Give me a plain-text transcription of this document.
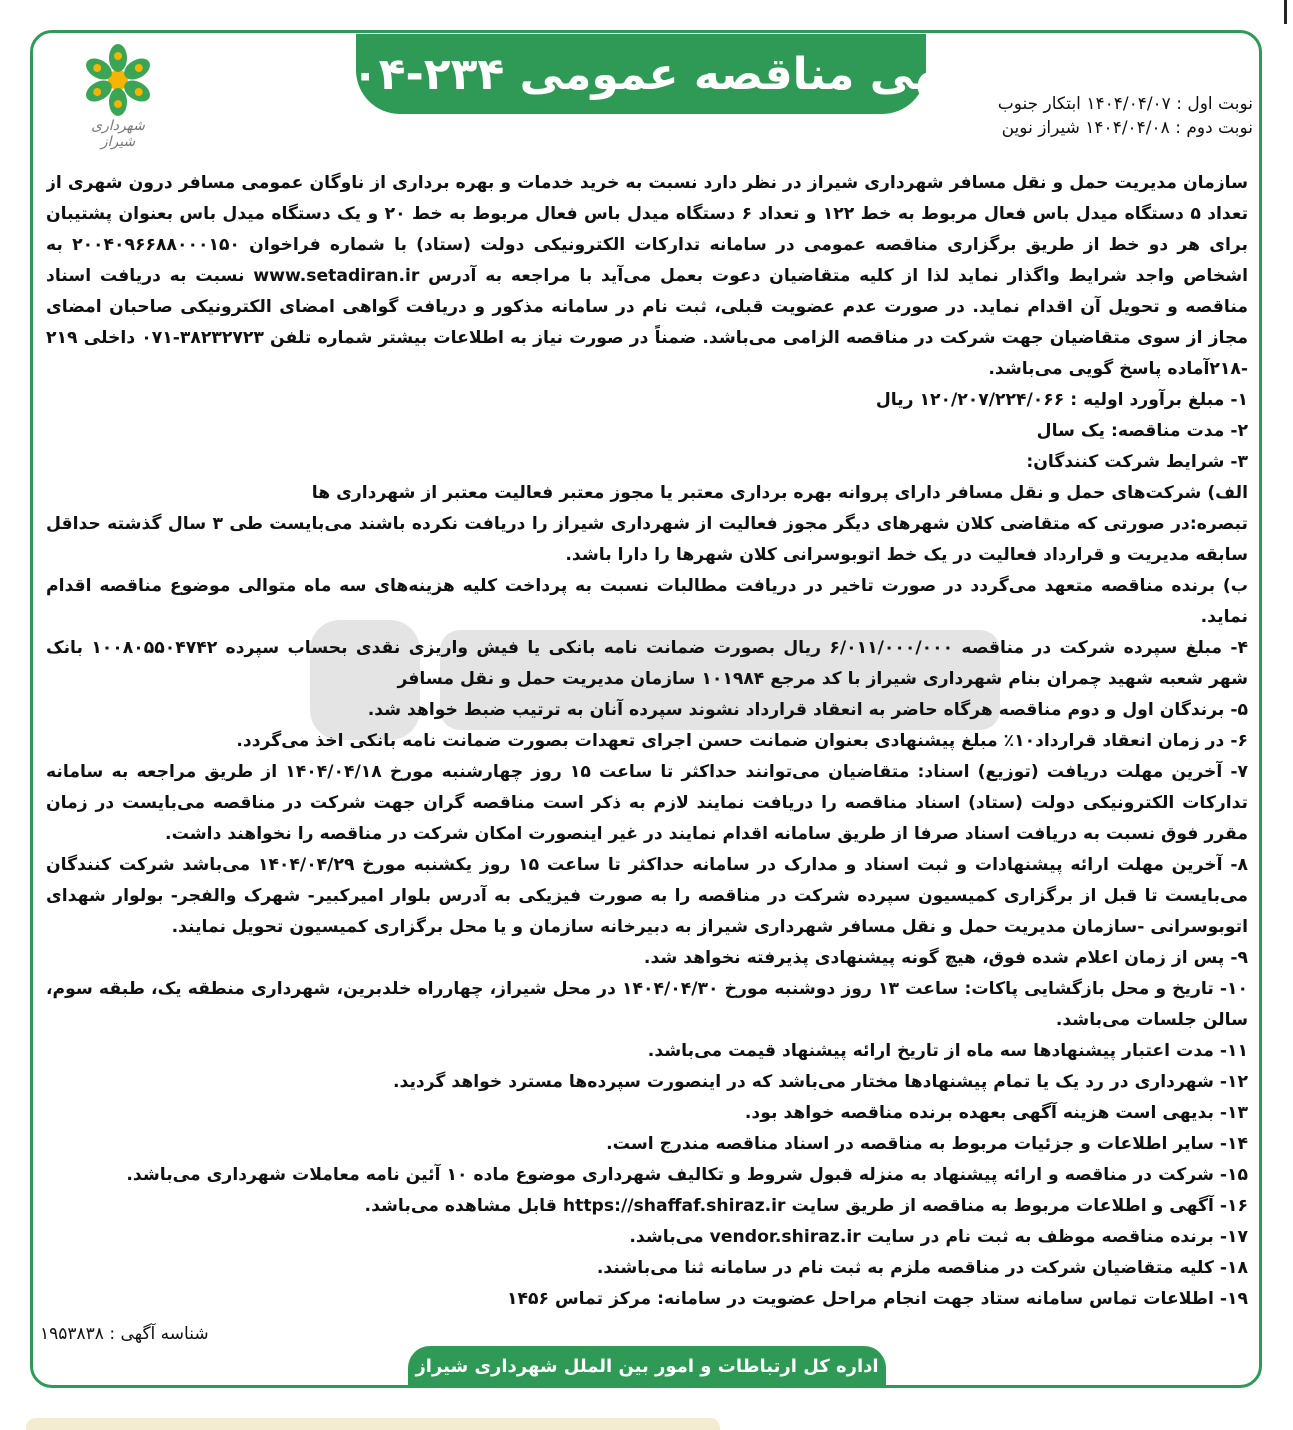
آگهی مناقصه عمومی ۲۳۴-۱۴۰۴
شهرداری شیراز
نوبت اول : ۱۴۰۴/۰۴/۰۷ ابتکار جنوب
نوبت دوم : ۱۴۰۴/۰۴/۰۸ شیراز نوین

سازمان مدیریت حمل و نقل مسافر شهرداری شیراز در نظر دارد نسبت به خرید خدمات و بهره برداری از ناوگان عمومی مسافر درون شهری از تعداد ۵ دستگاه میدل باس فعال مربوط به خط ۱۲۲ و تعداد ۶ دستگاه میدل باس فعال مربوط به خط ۲۰ و یک دستگاه میدل باس بعنوان پشتیبان برای هر دو خط از طریق برگزاری مناقصه عمومی در سامانه تدارکات الکترونیکی دولت (ستاد) با شماره فراخوان ۲۰۰۴۰۹۶۶۸۸۰۰۰۱۵۰ به اشخاص واجد شرایط واگذار نماید لذا از کلیه متقاضیان دعوت بعمل می‌آید با مراجعه به آدرس www.setadiran.ir نسبت به دریافت اسناد مناقصه و تحویل آن اقدام نماید. در صورت عدم عضویت قبلی، ثبت نام در سامانه مذکور و دریافت گواهی امضای الکترونیکی صاحبان امضای مجاز از سوی متقاضیان جهت شرکت در مناقصه الزامی می‌باشد. ضمناً در صورت نیاز به اطلاعات بیشتر شماره تلفن ۳۸۲۳۲۷۲۳-۰۷۱ داخلی ۲۱۹ -۲۱۸آماده پاسخ گویی می‌باشد.

۱- مبلغ برآورد اولیه : ۱۲۰/۲۰۷/۲۲۴/۰۶۶ ریال

۲- مدت مناقصه: یک سال

۳- شرایط شرکت کنندگان:

الف) شرکت‌های حمل و نقل مسافر دارای پروانه بهره برداری معتبر یا مجوز معتبر فعالیت معتبر از شهرداری ها

تبصره:در صورتی که متقاضی کلان شهرهای دیگر مجوز فعالیت از شهرداری شیراز را دریافت نکرده باشند می‌بایست طی ۳ سال گذشته حداقل سابقه مدیریت و قرارداد فعالیت در یک خط اتوبوسرانی کلان شهرها را دارا باشد.

ب) برنده مناقصه متعهد می‌گردد در صورت تاخیر در دریافت مطالبات نسبت به پرداخت کلیه هزینه‌های سه ماه متوالی موضوع مناقصه اقدام نماید.

۴- مبلغ سپرده شرکت در مناقصه ۶/۰۱۱/۰۰۰/۰۰۰ ریال بصورت ضمانت نامه بانکی یا فیش واریزی نقدی بحساب سپرده ۱۰۰۸۰۵۵۰۴۷۴۲ بانک شهر شعبه شهید چمران بنام شهرداری شیراز با کد مرجع ۱۰۱۹۸۴ سازمان مدیریت حمل و نقل مسافر

۵- برندگان اول و دوم مناقصه هرگاه حاضر به انعقاد قرارداد نشوند سپرده آنان به ترتیب ضبط خواهد شد.

۶- در زمان انعقاد قرارداد۱۰٪ مبلغ پیشنهادی بعنوان ضمانت حسن اجرای تعهدات بصورت ضمانت نامه بانکی اخذ می‌گردد.

۷- آخرین مهلت دریافت (توزیع) اسناد: متقاضیان می‌توانند حداکثر تا ساعت ۱۵ روز چهارشنبه مورخ ۱۴۰۴/۰۴/۱۸ از طریق مراجعه به سامانه تدارکات الکترونیکی دولت (ستاد) اسناد مناقصه را دریافت نمایند لازم به ذکر است مناقصه گران جهت شرکت در مناقصه می‌بایست در زمان مقرر فوق نسبت به دریافت اسناد صرفا از طریق سامانه اقدام نمایند در غیر اینصورت امکان شرکت در مناقصه را نخواهند داشت.

۸- آخرین مهلت ارائه پیشنهادات و ثبت اسناد و مدارک در سامانه حداکثر تا ساعت ۱۵ روز یکشنبه مورخ ۱۴۰۴/۰۴/۲۹ می‌باشد شرکت کنندگان می‌بایست تا قبل از برگزاری کمیسیون سپرده شرکت در مناقصه را به صورت فیزیکی به آدرس بلوار امیرکبیر- شهرک والفجر- بولوار شهدای اتوبوسرانی -سازمان مدیریت حمل و نقل مسافر شهرداری شیراز به دبیرخانه سازمان و یا محل برگزاری کمیسیون تحویل نمایند.

۹- پس از زمان اعلام شده فوق، هیچ گونه پیشنهادی پذیرفته نخواهد شد.

۱۰- تاریخ و محل بازگشایی پاکات: ساعت ۱۳ روز دوشنبه مورخ ۱۴۰۴/۰۴/۳۰ در محل شیراز، چهارراه خلدبرین، شهرداری منطقه یک، طبقه سوم، سالن جلسات می‌باشد.

۱۱- مدت اعتبار پیشنهادها سه ماه از تاریخ ارائه پیشنهاد قیمت می‌باشد.

۱۲- شهرداری در رد یک یا تمام پیشنهادها مختار می‌باشد که در اینصورت سپرده‌ها مسترد خواهد گردید.

۱۳- بدیهی است هزینه آگهی بعهده برنده مناقصه خواهد بود.

۱۴- سایر اطلاعات و جزئیات مربوط به مناقصه در اسناد مناقصه مندرج است.

۱۵- شرکت در مناقصه و ارائه پیشنهاد به منزله قبول شروط و تکالیف شهرداری موضوع ماده ۱۰ آئین نامه معاملات شهرداری می‌باشد.

۱۶- آگهی و اطلاعات مربوط به مناقصه از طریق سایت https://shaffaf.shiraz.ir قابل مشاهده می‌باشد.

۱۷- برنده مناقصه موظف به ثبت نام در سایت vendor.shiraz.ir می‌باشد.

۱۸- کلیه متقاضیان شرکت در مناقصه ملزم به ثبت نام در سامانه ثنا می‌باشند.

۱۹- اطلاعات تماس سامانه ستاد جهت انجام مراحل عضویت در سامانه: مرکز تماس ۱۴۵۶

شناسه آگهی : ۱۹۵۳۸۳۸
اداره کل ارتباطات و امور بین الملل شهرداری شیراز
